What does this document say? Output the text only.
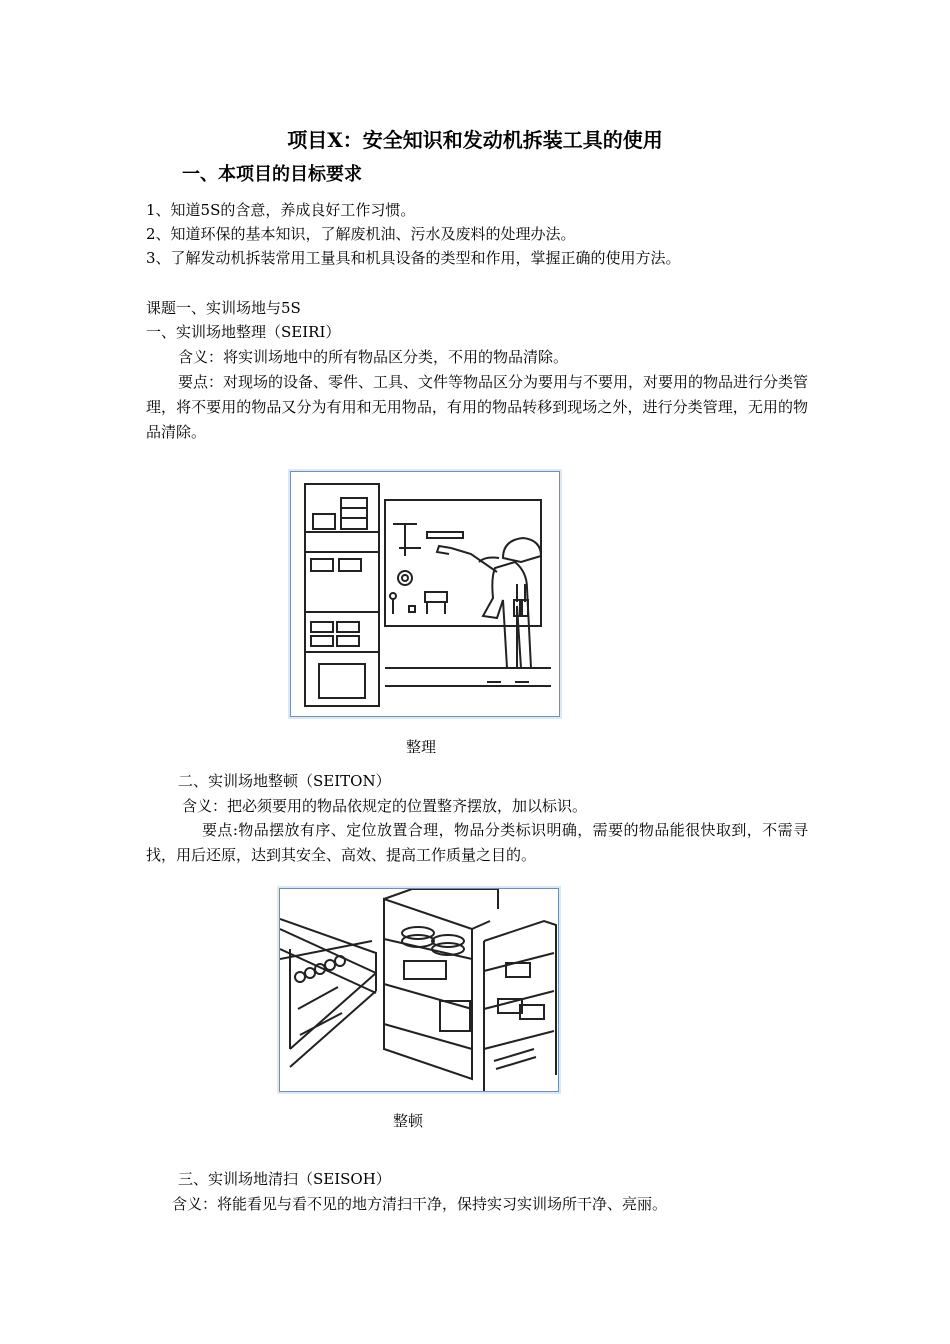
项目X：安全知识和发动机拆装工具的使用
一、本项目的目标要求
1、知道5S的含意，养成良好工作习惯。
2、知道环保的基本知识，了解废机油、污水及废料的处理办法。
3、了解发动机拆装常用工量具和机具设备的类型和作用，掌握正确的使用方法。
课题一、实训场地与5S
一、实训场地整理（SEIRI）
含义：将实训场地中的所有物品区分类，不用的物品清除。
要点：对现场的设备、零件、工具、文件等物品区分为要用与不要用，对要用的物品进行分类管理，将不要用的物品又分为有用和无用物品，有用的物品转移到现场之外，进行分类管理，无用的物品清除。
整理
二、实训场地整顿（SEITON）
含义：把必须要用的物品依规定的位置整齐摆放，加以标识。
要点:物品摆放有序、定位放置合理，物品分类标识明确，需要的物品能很快取到，不需寻找，用后还原，达到其安全、高效、提高工作质量之目的。
整顿
三、实训场地清扫（SEISOH）
含义：将能看见与看不见的地方清扫干净，保持实习实训场所干净、亮丽。
